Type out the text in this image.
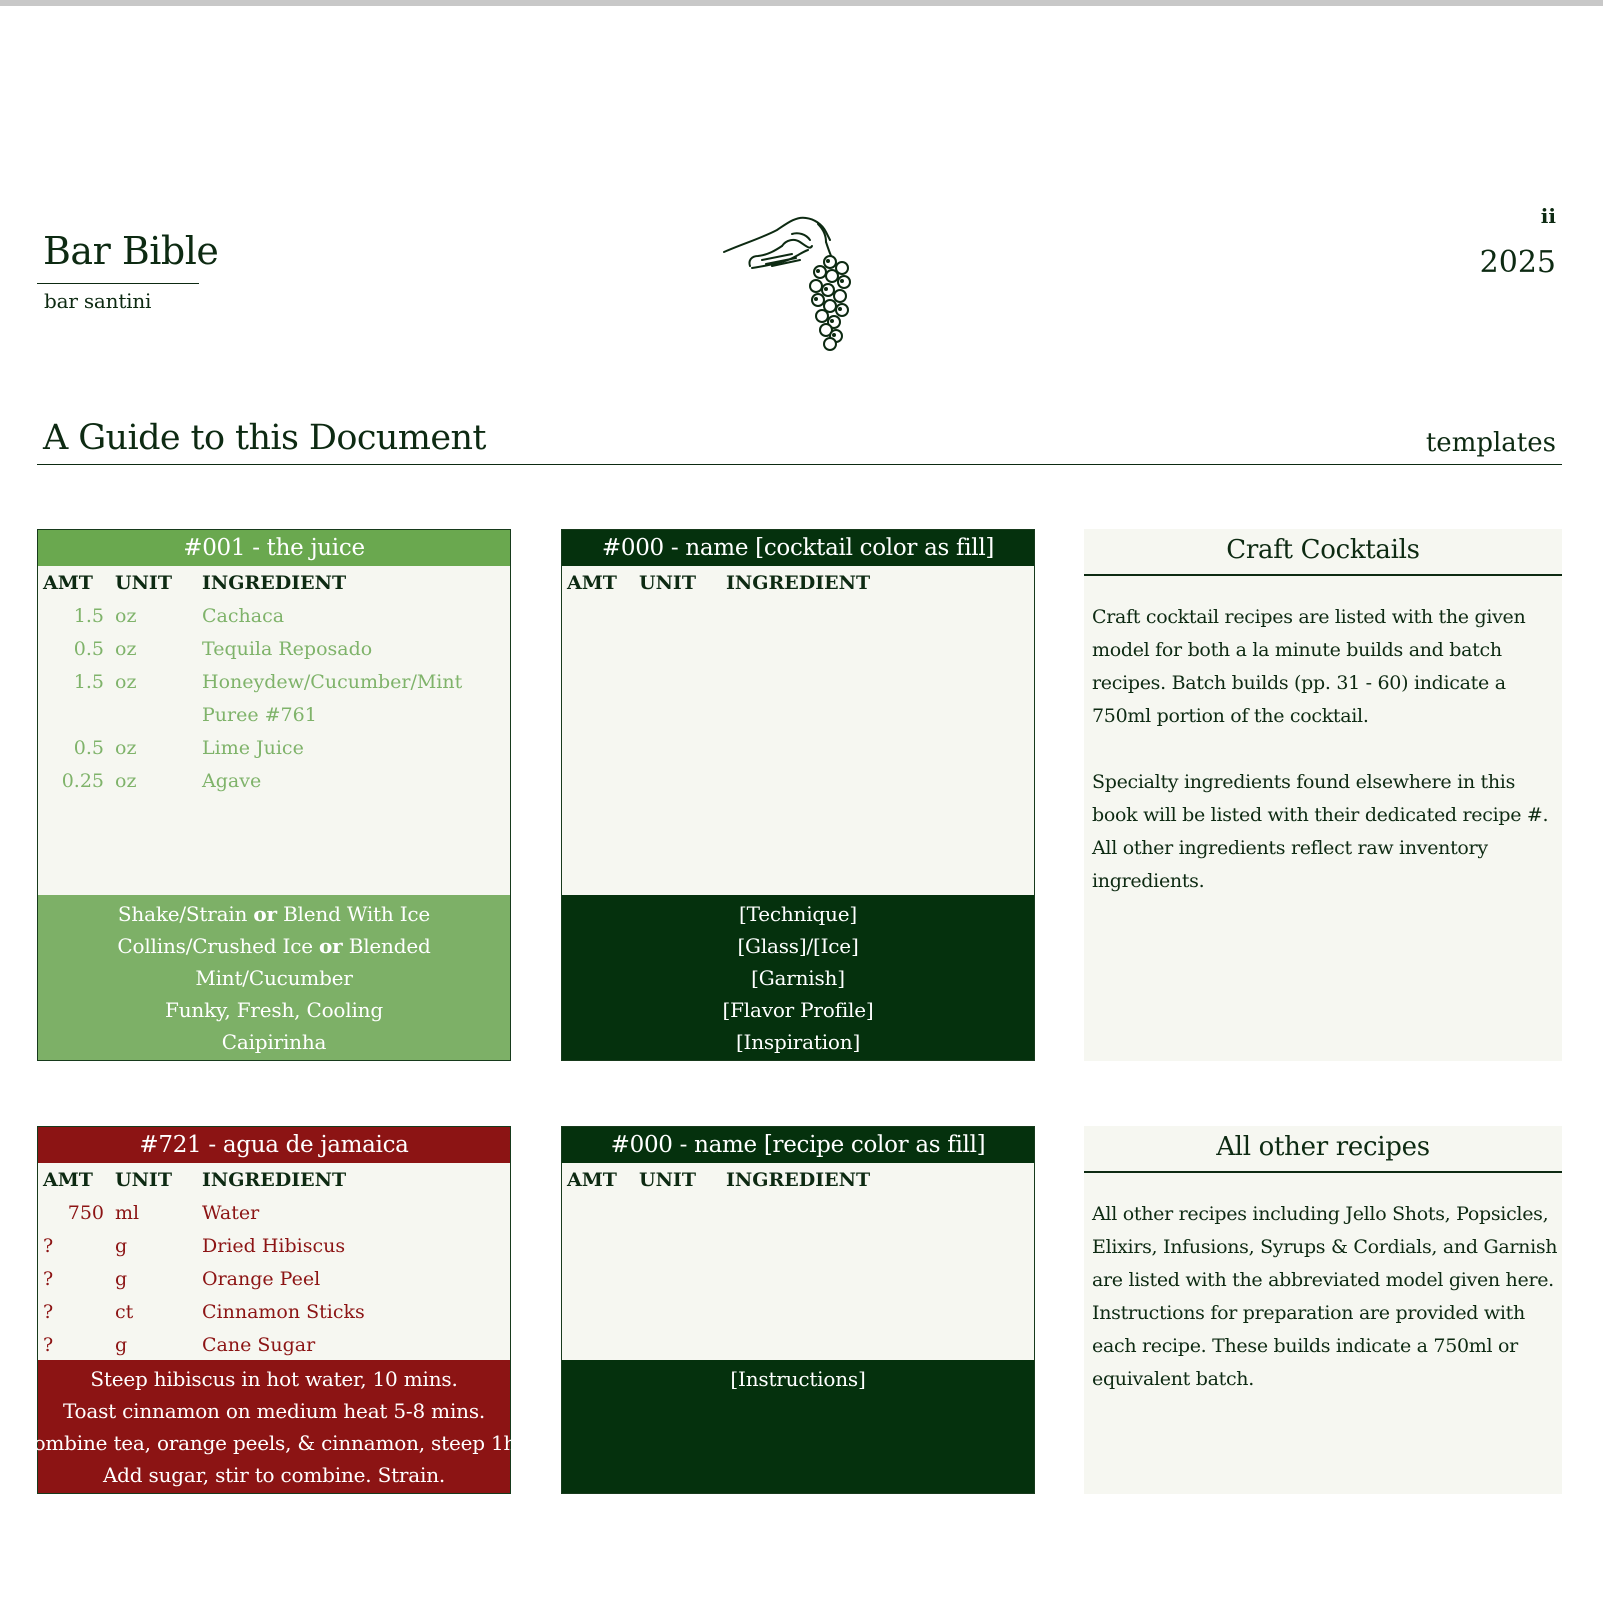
Bar Bible
bar santini
ii
2025
A Guide to this Document	templates
#001 - the juice
AMT UNIT INGREDIENT
1.5 oz	Cachaca
0.5 oz	Tequila Reposado
1.5 oz	Honeydew/Cucumber/Mint
Puree #761
0.5 oz	Lime Juice
0.25 oz	Agave
Shake/Strain or Blend With Ice
Collins/Crushed Ice or Blended
Mint/Cucumber
Funky, Fresh, Cooling
Caipirinha
#000 - name [cocktail color as fill]
AMT UNIT INGREDIENT
[Technique]
[Glass]/[Ice]
[Garnish]
[Flavor Profile]
[Inspiration]
Craft Cocktails

Craft cocktail recipes are listed with the given model for both a la minute builds and batch recipes. Batch builds (pp. 31 - 60) indicate a 750ml portion of the cocktail.

Specialty ingredients found elsewhere in this book will be listed with their dedicated recipe #. All other ingredients reflect raw inventory ingredients.

#721 - agua de jamaica
AMT UNIT INGREDIENT
750 ml	Water
?	g	Dried Hibiscus
?	g	Orange Peel
?	ct	Cinnamon Sticks
?	g	Cane Sugar
Steep hibiscus in hot water, 10 mins.
Toast cinnamon on medium heat 5-8 mins.
Combine tea, orange peels, & cinnamon, steep 1hr.
Add sugar, stir to combine. Strain.
#000 - name [recipe color as fill]
AMT UNIT INGREDIENT
[Instructions]
All other recipes

All other recipes including Jello Shots, Popsicles, Elixirs, Infusions, Syrups & Cordials, and Garnish are listed with the abbreviated model given here. Instructions for preparation are provided with each recipe. These builds indicate a 750ml or equivalent batch.
